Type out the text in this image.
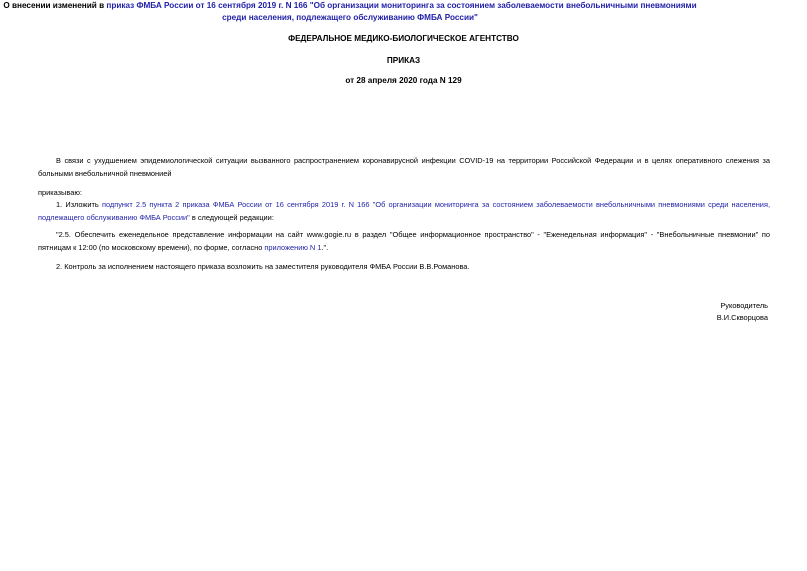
ФЕДЕРАЛЬНОЕ МЕДИКО-БИОЛОГИЧЕСКОЕ АГЕНТСТВО
ПРИКАЗ
от 28 апреля 2020 года N 129
О внесении изменений в приказ ФМБА России от 16 сентября 2019 г. N 166 "Об организации мониторинга за состоянием заболеваемости внебольничными пневмониями среди населения, подлежащего обслуживанию ФМБА России"
В связи с ухудшением эпидемиологической ситуации вызванного распространением коронавирусной инфекции COVID-19 на территории Российской Федерации и в целях оперативного слежения за больными внебольничной пневмонией
приказываю:
1. Изложить подпункт 2.5 пункта 2 приказа ФМБА России от 16 сентября 2019 г. N 166 "Об организации мониторинга за состоянием заболеваемости внебольничными пневмониями среди населения, подлежащего обслуживанию ФМБА России" в следующей редакции:
"2.5. Обеспечить еженедельное представление информации на сайт www.gogie.ru в раздел "Общее информационное пространство" - "Еженедельная информация" - "Внебольничные пневмонии" по пятницам к 12:00 (по московскому времени), по форме, согласно приложению N 1.".
2. Контроль за исполнением настоящего приказа возложить на заместителя руководителя ФМБА России В.В.Романова.
Руководитель
В.И.Скворцова
